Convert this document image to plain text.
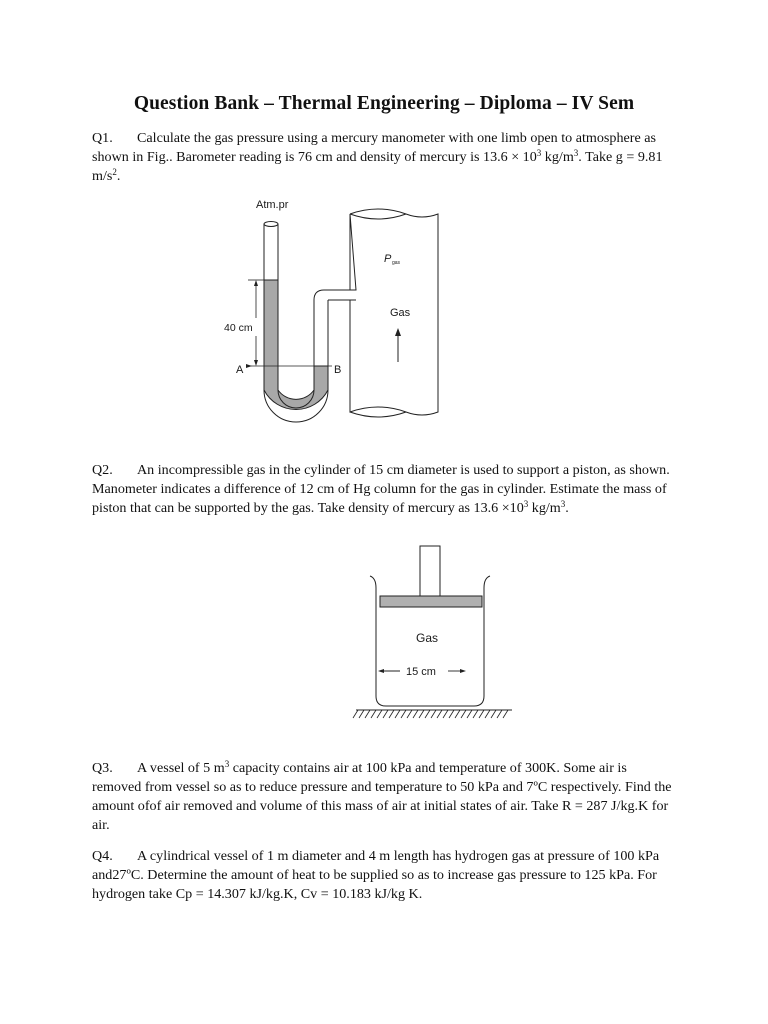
Question Bank – Thermal Engineering – Diploma – IV Sem
Q1. Calculate the gas pressure using a mercury manometer with one limb open to atmosphere as shown in Fig.. Barometer reading is 76 cm and density of mercury is $13.6 \times 10^3$ $kg/m^3$. Take g = 9.81 $m/s^2$.
Atm.pr
P gas
Gas
40 cm
A	B
Q2. An incompressible gas in the cylinder of 15 cm diameter is used to support a piston, as shown. Manometer indicates a difference of 12 cm of Hg column for the gas in cylinder. Estimate the mass of piston that can be supported by the gas. Take density of mercury as $13.6 \times 10^3$ $kg/m^3$.
Gas
15 cm
Q3. A vessel of 5 $m^3$ capacity contains air at 100 kPa and temperature of 300K. Some air is removed from vessel so as to reduce pressure and temperature to 50 kPa and 7ºC respectively. Find the amount ofof air removed and volume of this mass of air at initial states of air. Take R = 287 J/kg.K for air.
Q4. A cylindrical vessel of 1 m diameter and 4 m length has hydrogen gas at pressure of 100 kPa and27ºC. Determine the amount of heat to be supplied so as to increase gas pressure to 125 kPa. For hydrogen take Cp = 14.307 kJ/kg.K, Cv = 10.183 kJ/kg K.
